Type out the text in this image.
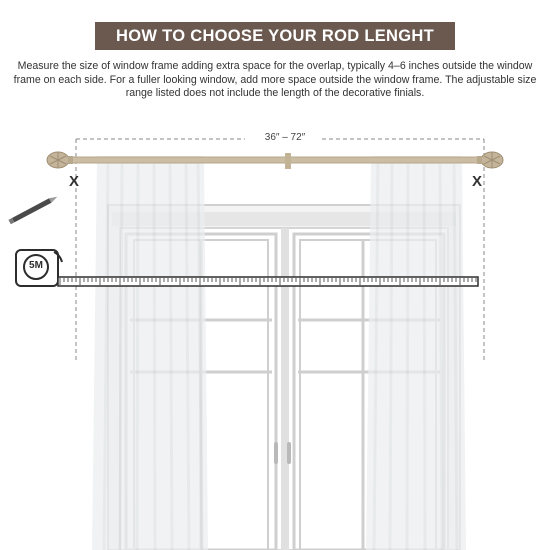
HOW TO CHOOSE YOUR ROD LENGHT
Measure the size of window frame adding extra space for the overlap, typically 4–6 inches outside the window frame on each side. For a fuller looking window, add more space outside the window frame. The adjustable size range listed does not include the length of the decorative finials.
36″ – 72″
X	X
5M
